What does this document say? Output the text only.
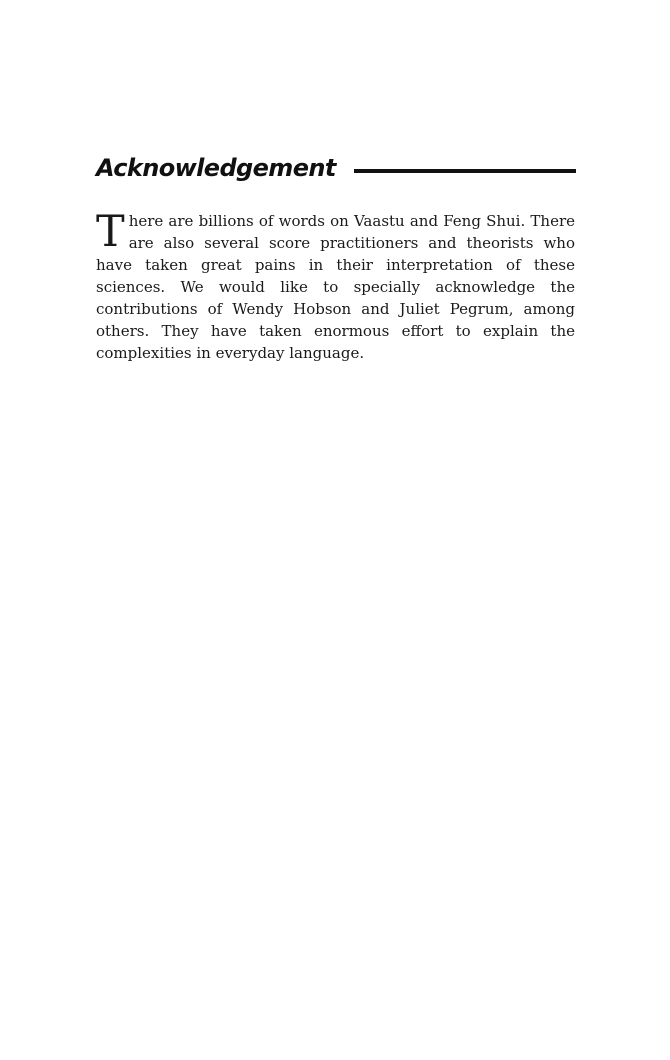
Acknowledgement

There are billions of words on Vaastu and Feng Shui. There are also several score practitioners and theorists who have taken great pains in their interpretation of these sciences. We would like to specially acknowledge the contributions of Wendy Hobson and Juliet Pegrum, among others. They have taken enormous effort to explain the complexities in everyday language.
